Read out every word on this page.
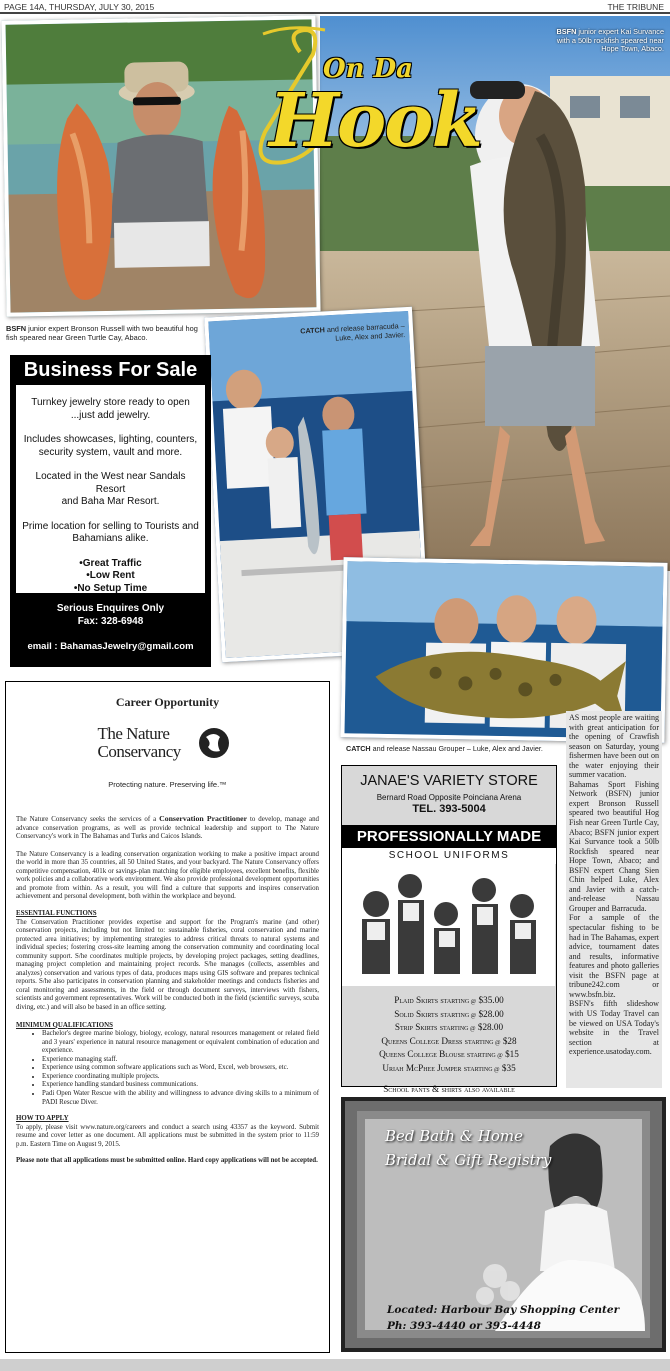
PAGE 14A, THURSDAY, JULY 30, 2015	THE TRIBUNE
BSFN junior expert Kai Survance with a 50lb rockfish speared near Hope Town, Abaco.
On Da
Hook
BSFN junior expert Bronson Russell with two beautiful hog fish speared near Green Turtle Cay, Abaco.
CATCH and release barracuda – Luke, Alex and Javier.
CATCH and release Nassau Grouper – Luke, Alex and Javier.
Business For Sale
Turnkey jewelry store ready to open
...just add jewelry.
Includes showcases, lighting, counters,
security system, vault and more.
Located in the West near Sandals Resort
and Baha Mar Resort.
Prime location for selling to Tourists and
Bahamians alike.
•Great Traffic
•Low Rent
•No Setup Time
Serious Enquires Only
Fax: 328-6948
email : BahamasJewelry@gmail.com
Career Opportunity
The Nature
Conservancy
Protecting nature. Preserving life.™

The Nature Conservancy seeks the services of a Conservation Practitioner to develop, manage and advance conservation programs, as well as provide technical leadership and support to The Nature Conservancy's work in The Bahamas and Turks and Caicos Islands.

The Nature Conservancy is a leading conservation organization working to make a positive impact around the world in more than 35 countries, all 50 United States, and your backyard. The Nature Conservancy offers competitive compensation, 401k or savings-plan matching for eligible employees, excellent benefits, flexible work policies and a collaborative work environment. We also provide professional development opportunities and promote from within. As a result, you will find a culture that supports and inspires conservation achievement and personal development, both within the workplace and beyond.

ESSENTIAL FUNCTIONS

The Conservation Practitioner provides expertise and support for the Program's marine (and other) conservation projects, including but not limited to: sustainable fisheries, coral conservation and marine protected area initiatives; by implementing strategies to address critical threats to natural systems and individual species; fostering cross-site learning among the conservation community and coordinating local community support. S/he coordinates multiple projects, by developing project packages, setting deadlines, managing project completion and maintaining project records. S/he manages (collects, assembles and analyzes) conservation and various types of data, produces maps using GIS software and prepares technical reports. S/he also participates in conservation planning and stakeholder meetings and conducts fisheries and coral monitoring and assessments, in the field or through document surveys, interviews with fishers, scientists and government representatives. Work will be conducted both in the field (scientific surveys, scuba diving, etc.) and will also be based in an office setting.

MINIMUM QUALIFICATIONS
• Bachelor's degree marine biology, biology, ecology, natural resources management or related field and 3 years' experience in natural resource management or equivalent combination of education and experience.
• Experience managing staff.
• Experience using common software applications such as Word, Excel, web browsers, etc.
• Experience coordinating multiple projects.
• Experience handling standard business communications.
• Padi Open Water Rescue with the ability and willingness to advance diving skills to a minimum of PADI Rescue Diver.
HOW TO APPLY

To apply, please visit www.nature.org/careers and conduct a search using 43357 as the keyword. Submit resume and cover letter as one document. All applications must be submitted in the system prior to 11:59 p.m. Eastern Time on August 9, 2015.

Please note that all applications must be submitted online. Hard copy applications will not be accepted.

JANAE'S VARIETY STORE
Bernard Road Opposite Poinciana Arena
TEL. 393-5004
PROFESSIONALLY MADE
SCHOOL UNIFORMS
Plaid Skirts STARTING @ $35.00
Solid Skirts STARTING @ $28.00
Strip Skirts STARTING @ $28.00
Queens College Dress STARTING @ $28
Queens College Blouse STARTING @ $15
Uriah McPhee Jumper STARTING @ $35
School pants & shirts also available
AS most people are waiting with great anticipation for the opening of Crawfish season on Saturday, young fishermen have been out on the water enjoying their summer vacation.
Bahamas Sport Fishing Network (BSFN) junior expert Bronson Russell speared two beautiful Hog Fish near Green Turtle Cay, Abaco; BSFN junior expert Kai Survance took a 50lb Rockfish speared near Hope Town, Abaco; and BSFN expert Chang Sien Chin helped Luke, Alex and Javier with a catch-and-release Nassau Grouper and Barracuda.
For a sample of the spectacular fishing to be had in The Bahamas, expert advice, tournament dates and results, informative features and photo galleries visit the BSFN page at tribune242.com or www.bsfn.biz.
BSFN's fifth slideshow with US Today Travel can be viewed on USA Today's website in the Travel section at experience.usatoday.com.
Bed Bath & Home
Bridal & Gift Registry
Located: Harbour Bay Shopping Center
Ph: 393-4440 or 393-4448
